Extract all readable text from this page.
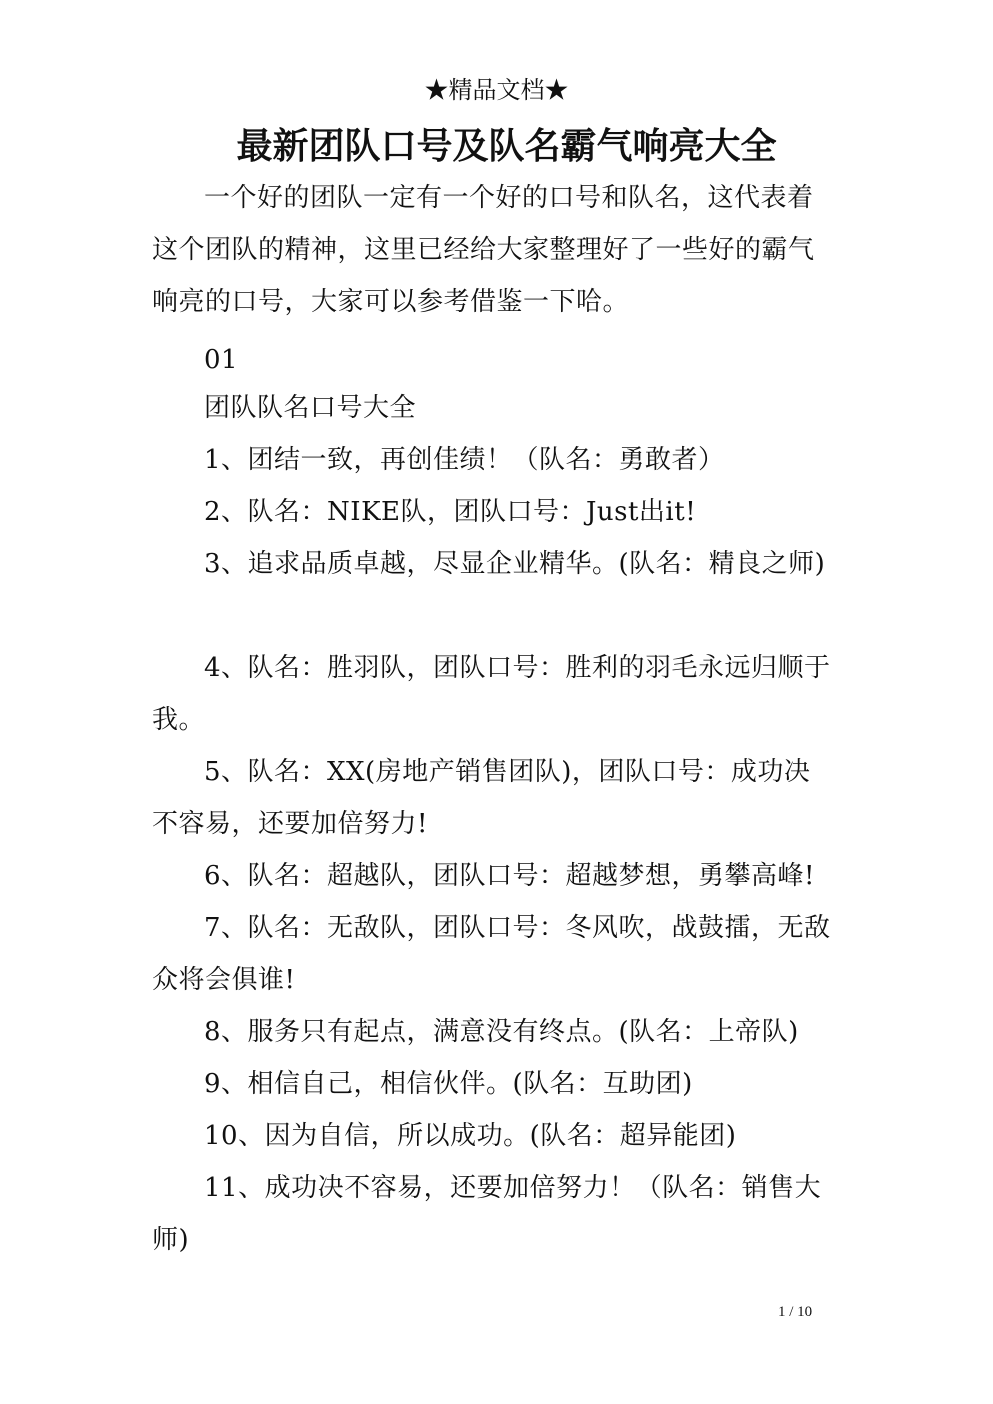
★精品文档★
最新团队口号及队名霸气响亮大全
一个好的团队一定有一个好的口号和队名，这代表着
这个团队的精神，这里已经给大家整理好了一些好的霸气
响亮的口号，大家可以参考借鉴一下哈。
01
团队队名口号大全
1、团结一致，再创佳绩！（队名：勇敢者）
2、队名：NIKE队，团队口号：Just出it!
3、追求品质卓越，尽显企业精华。(队名：精良之师)
4、队名：胜羽队，团队口号：胜利的羽毛永远归顺于
我。
5、队名：XX(房地产销售团队)，团队口号：成功决
不容易，还要加倍努力!
6、队名：超越队，团队口号：超越梦想，勇攀高峰!
7、队名：无敌队，团队口号：冬风吹，战鼓擂，无敌
众将会俱谁!
8、服务只有起点，满意没有终点。(队名：上帝队)
9、相信自己，相信伙伴。(队名：互助团)
10、因为自信，所以成功。(队名：超异能团)
11、成功决不容易，还要加倍努力！（队名：销售大
师)
1 / 10
